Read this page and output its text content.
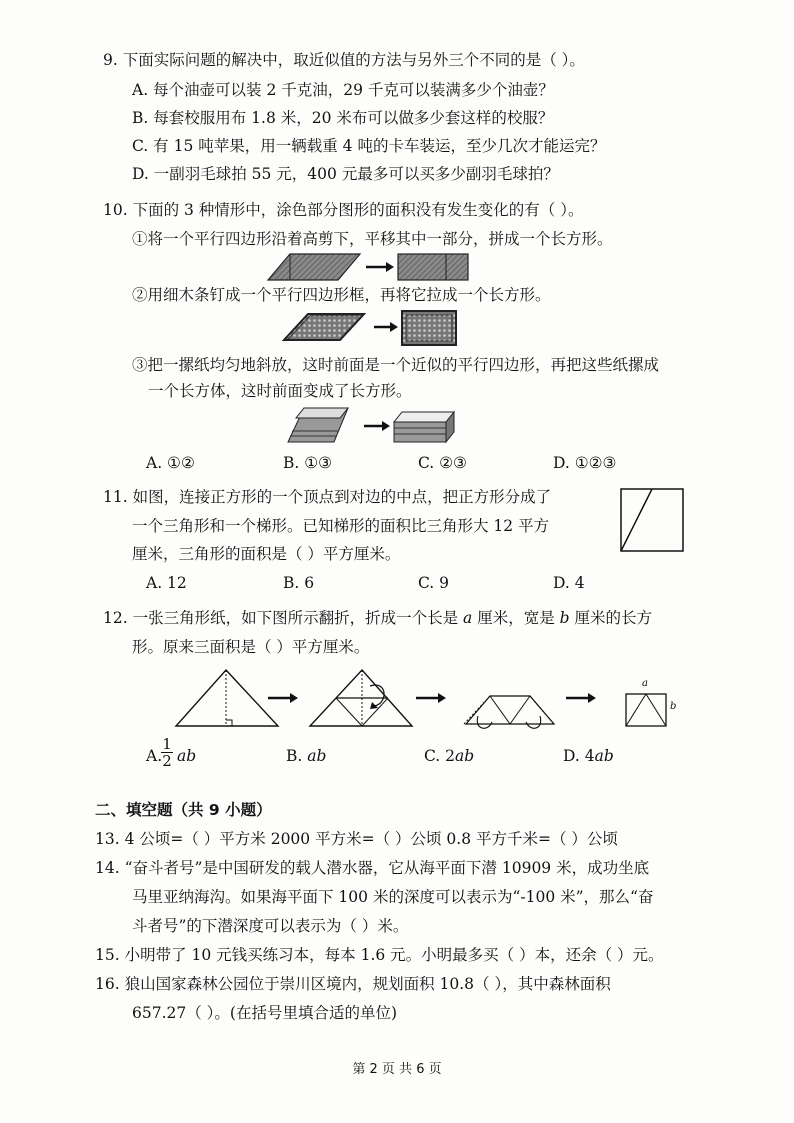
9. 下面实际问题的解决中，取近似值的方法与另外三个不同的是（ ）。
A. 每个油壶可以装 2 千克油，29 千克可以装满多少个油壶？
B. 每套校服用布 1.8 米，20 米布可以做多少套这样的校服？
C. 有 15 吨苹果，用一辆载重 4 吨的卡车装运，至少几次才能运完？
D. 一副羽毛球拍 55 元，400 元最多可以买多少副羽毛球拍？
10. 下面的 3 种情形中，涂色部分图形的面积没有发生变化的有（ ）。
①将一个平行四边形沿着高剪下，平移其中一部分，拼成一个长方形。
②用细木条钉成一个平行四边形框，再将它拉成一个长方形。
③把一摞纸均匀地斜放，这时前面是一个近似的平行四边形，再把这些纸摞成
一个长方体，这时前面变成了长方形。
A. ①②	B. ①③	C. ②③	D. ①②③
11. 如图，连接正方形的一个顶点到对边的中点，把正方形分成了
一个三角形和一个梯形。已知梯形的面积比三角形大 12 平方
厘米，三角形的面积是（ ）平方厘米。
A. 12	B. 6	C. 9	D. 4
12. 一张三角形纸，如下图所示翻折，折成一个长是 a 厘米，宽是 b 厘米的长方
形。原来三面积是（ ）平方厘米。
a
b
A.
1
2 ab	B. ab	C. 2ab	D. 4ab
二、填空题（共 9 小题）
13. 4 公顷=（ ）平方米 2000 平方米=（ ）公顷 0.8 平方千米=（ ）公顷
14. “奋斗者号”是中国研发的载人潜水器，它从海平面下潜 10909 米，成功坐底
马里亚纳海沟。如果海平面下 100 米的深度可以表示为“-100 米”，那么“奋
斗者号”的下潜深度可以表示为（ ）米。
15. 小明带了 10 元钱买练习本，每本 1.6 元。小明最多买（ ）本，还余（ ）元。
16. 狼山国家森林公园位于崇川区境内，规划面积 10.8（ ），其中森林面积
657.27（ ）。(在括号里填合适的单位)
第 2 页 共 6 页
